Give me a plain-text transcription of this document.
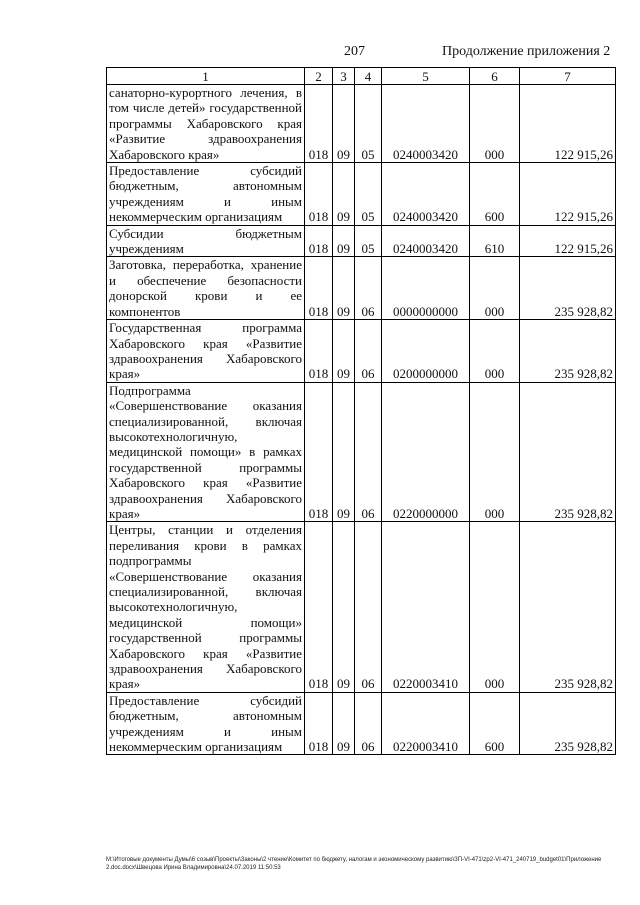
207	Продолжение приложения 2
1	2	3	4	5	6	7
санаторно-курортного лечения, в том числе детей» государственной программы Хабаровского края «Развитие здравоохранения Хабаровского края»	018	09	05	0240003420	000	122 915,26
Предоставление субсидий бюджетным, автономным учреждениям и иным некоммерческим организациям	018	09	05	0240003420	600	122 915,26
Субсидии бюджетным учреждениям	018	09	05	0240003420	610	122 915,26
Заготовка, переработка, хранение и обеспечение безопасности донорской крови и ее компонентов	018	09	06	0000000000	000	235 928,82
Государственная программа Хабаровского края «Развитие здравоохранения Хабаровского края»	018	09	06	0200000000	000	235 928,82
Подпрограмма «Совершенствование оказания специализированной, включая высокотехнологичную, медицинской помощи» в рамках государственной программы Хабаровского края «Развитие здравоохранения Хабаровского края»	018	09	06	0220000000	000	235 928,82
Центры, станции и отделения переливания крови в рамках подпрограммы «Совершенствование оказания специализированной, включая высокотехнологичную, медицинской помощи» государственной программы Хабаровского края «Развитие здравоохранения Хабаровского края»	018	09	06	0220003410	000	235 928,82
Предоставление субсидий бюджетным, автономным учреждениям и иным некоммерческим организациям	018	09	06	0220003410	600	235 928,82
M:\Итоговые документы Думы\6 созыв\Проекты\Законы\2 чтение\Комитет по бюджету, налогам и экономическому развитию\ЗП-VI-471\zp2-VI-471_240719_budget01\Приложение 2.doc.docx\Швецова Ирина Владимировна\24.07.2019 11:50:53
